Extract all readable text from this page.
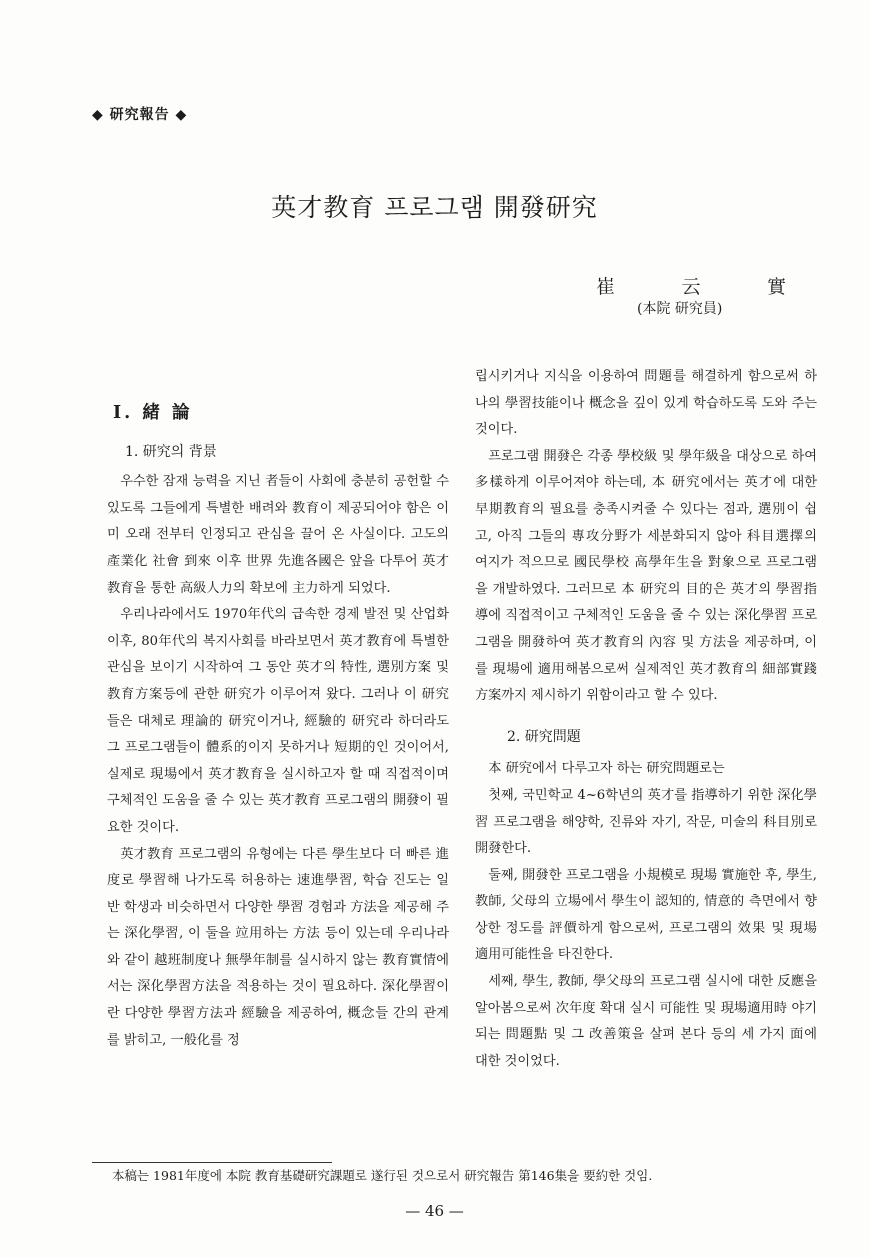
◆ 研究報告 ◆
英才教育 프로그램 開發研究
崔	云	實
(本院 研究員)
I. 緒 論
1. 研究의 背景

우수한 잠재 능력을 지닌 者들이 사회에 충분히 공헌할 수 있도록 그들에게 특별한 배려와 教育이 제공되어야 함은 이미 오래 전부터 인정되고 관심을 끌어 온 사실이다. 고도의 產業化 社會 到來 이후 世界 先進各國은 앞을 다투어 英才教育을 통한 高級人力의 확보에 主力하게 되었다.

우리나라에서도 1970年代의 급속한 경제 발전 및 산업화 이후, 80年代의 복지사회를 바라보면서 英才教育에 특별한 관심을 보이기 시작하여 그 동안 英才의 特性, 選別方案 및 教育方案등에 관한 研究가 이루어져 왔다. 그러나 이 研究들은 대체로 理論的 研究이거나, 經驗的 研究라 하더라도 그 프로그램들이 體系的이지 못하거나 短期的인 것이어서, 실제로 現場에서 英才教育을 실시하고자 할 때 직접적이며 구체적인 도움을 줄 수 있는 英才教育 프로그램의 開發이 필요한 것이다.

英才教育 프로그램의 유형에는 다른 學生보다 더 빠른 進度로 學習해 나가도록 허용하는 速進學習, 학습 진도는 일반 학생과 비슷하면서 다양한 學習 경험과 方法을 제공해 주는 深化學習, 이 둘을 竝用하는 方法 등이 있는데 우리나라와 같이 越班制度나 無學年制를 실시하지 않는 教育實情에서는 深化學習方法을 적용하는 것이 필요하다. 深化學習이란 다양한 學習方法과 經驗을 제공하여, 概念들 간의 관계를 밝히고, 一般化를 정

립시키거나 지식을 이용하여 問題를 해결하게 함으로써 하나의 學習技能이나 概念을 깊이 있게 학습하도록 도와 주는 것이다.

프로그램 開發은 각종 學校級 및 學年級을 대상으로 하여 多樣하게 이루어져야 하는데, 本 研究에서는 英才에 대한 早期教育의 필요를 충족시켜줄 수 있다는 점과, 選別이 쉽고, 아직 그들의 專攻分野가 세분화되지 않아 科目選擇의 여지가 적으므로 國民學校 高學年生을 對象으로 프로그램을 개발하였다. 그러므로 本 研究의 目的은 英才의 學習指導에 직접적이고 구체적인 도움을 줄 수 있는 深化學習 프로그램을 開發하여 英才教育의 內容 및 方法을 제공하며, 이를 現場에 適用해봄으로써 실제적인 英才教育의 細部實踐方案까지 제시하기 위함이라고 할 수 있다.

2. 研究問題

本 研究에서 다루고자 하는 研究問題로는

첫째, 국민학교 4~6학년의 英才를 指導하기 위한 深化學習 프로그램을 해양학, 진류와 자기, 작문, 미술의 科目別로 開發한다.

둘째, 開發한 프로그램을 小規模로 現場 實施한 후, 學生, 教師, 父母의 立場에서 學生이 認知的, 情意的 측면에서 향상한 정도를 評價하게 함으로써, 프로그램의 效果 및 現場適用可能性을 타진한다.

세째, 學生, 教師, 學父母의 프로그램 실시에 대한 反應을 알아봄으로써 次年度 확대 실시 可能性 및 現場適用時 야기되는 問題點 및 그 改善策을 살펴 본다 등의 세 가지 面에 대한 것이었다.

本稿는 1981年度에 本院 教育基礎研究課題로 遂行된 것으로서 研究報告 第146集을 要約한 것임.
— 46 —
